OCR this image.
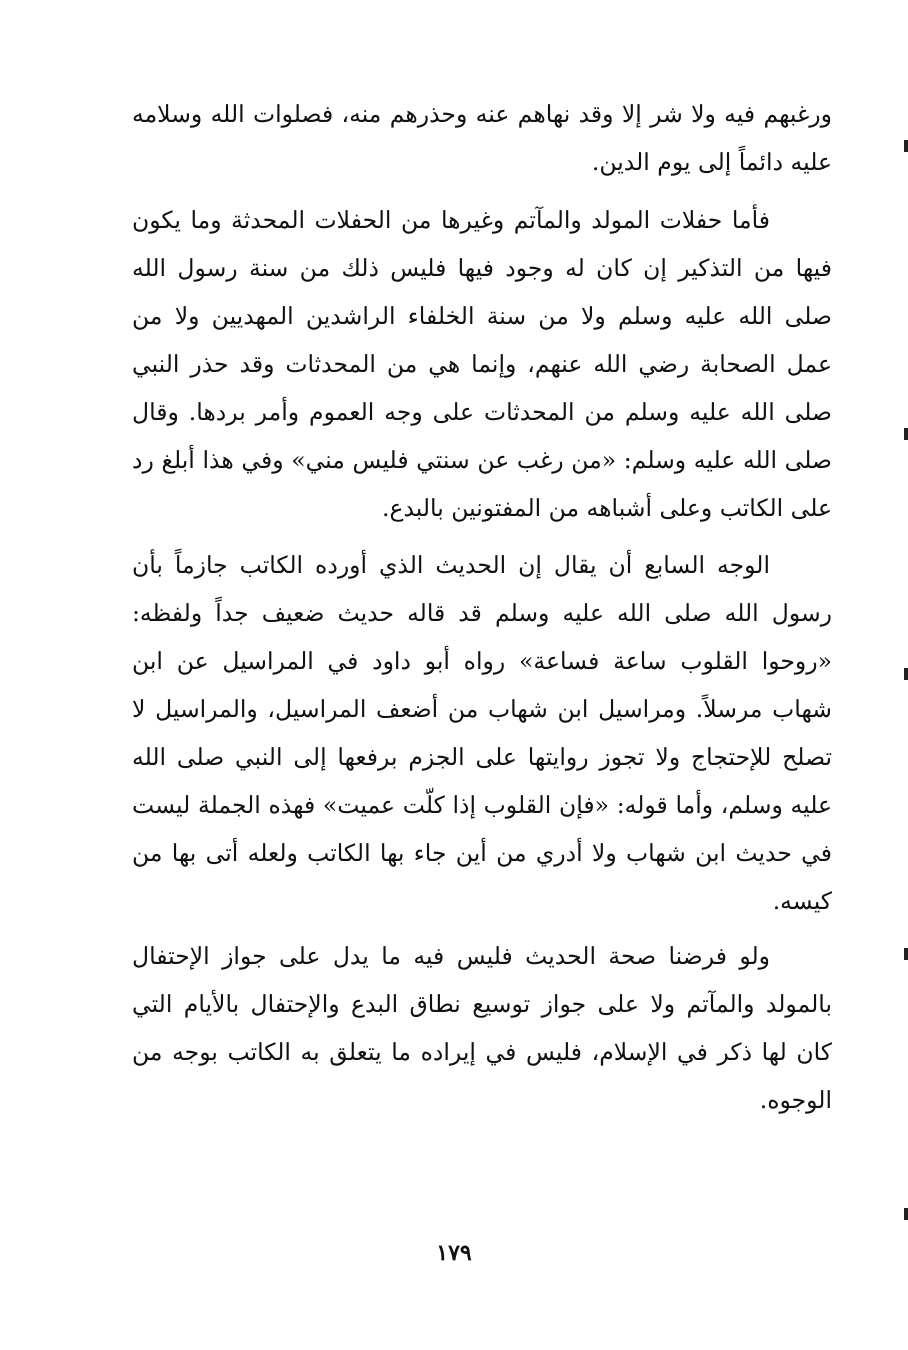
ورغبهم فيه ولا شر إلا وقد نهاهم عنه وحذرهم منه، فصلوات الله وسلامه عليه دائماً إلى يوم الدين.

فأما حفلات المولد والمآتم وغيرها من الحفلات المحدثة وما يكون فيها من التذكير إن كان له وجود فيها فليس ذلك من سنة رسول الله صلى الله عليه وسلم ولا من سنة الخلفاء الراشدين المهديين ولا من عمل الصحابة رضي الله عنهم، وإنما هي من المحدثات وقد حذر النبي صلى الله عليه وسلم من المحدثات على وجه العموم وأمر بردها. وقال صلى الله عليه وسلم: «من رغب عن سنتي فليس مني» وفي هذا أبلغ رد على الكاتب وعلى أشباهه من المفتونين بالبدع.

الوجه السابع أن يقال إن الحديث الذي أورده الكاتب جازماً بأن رسول الله صلى الله عليه وسلم قد قاله حديث ضعيف جداً ولفظه: «روحوا القلوب ساعة فساعة» رواه أبو داود في المراسيل عن ابن شهاب مرسلاً. ومراسيل ابن شهاب من أضعف المراسيل، والمراسيل لا تصلح للإحتجاج ولا تجوز روايتها على الجزم برفعها إلى النبي صلى الله عليه وسلم، وأما قوله: «فإن القلوب إذا كلّت عميت» فهذه الجملة ليست في حديث ابن شهاب ولا أدري من أين جاء بها الكاتب ولعله أتى بها من كيسه.

ولو فرضنا صحة الحديث فليس فيه ما يدل على جواز الإحتفال بالمولد والمآتم ولا على جواز توسيع نطاق البدع والإحتفال بالأيام التي كان لها ذكر في الإسلام، فليس في إيراده ما يتعلق به الكاتب بوجه من الوجوه.

١٧٩
